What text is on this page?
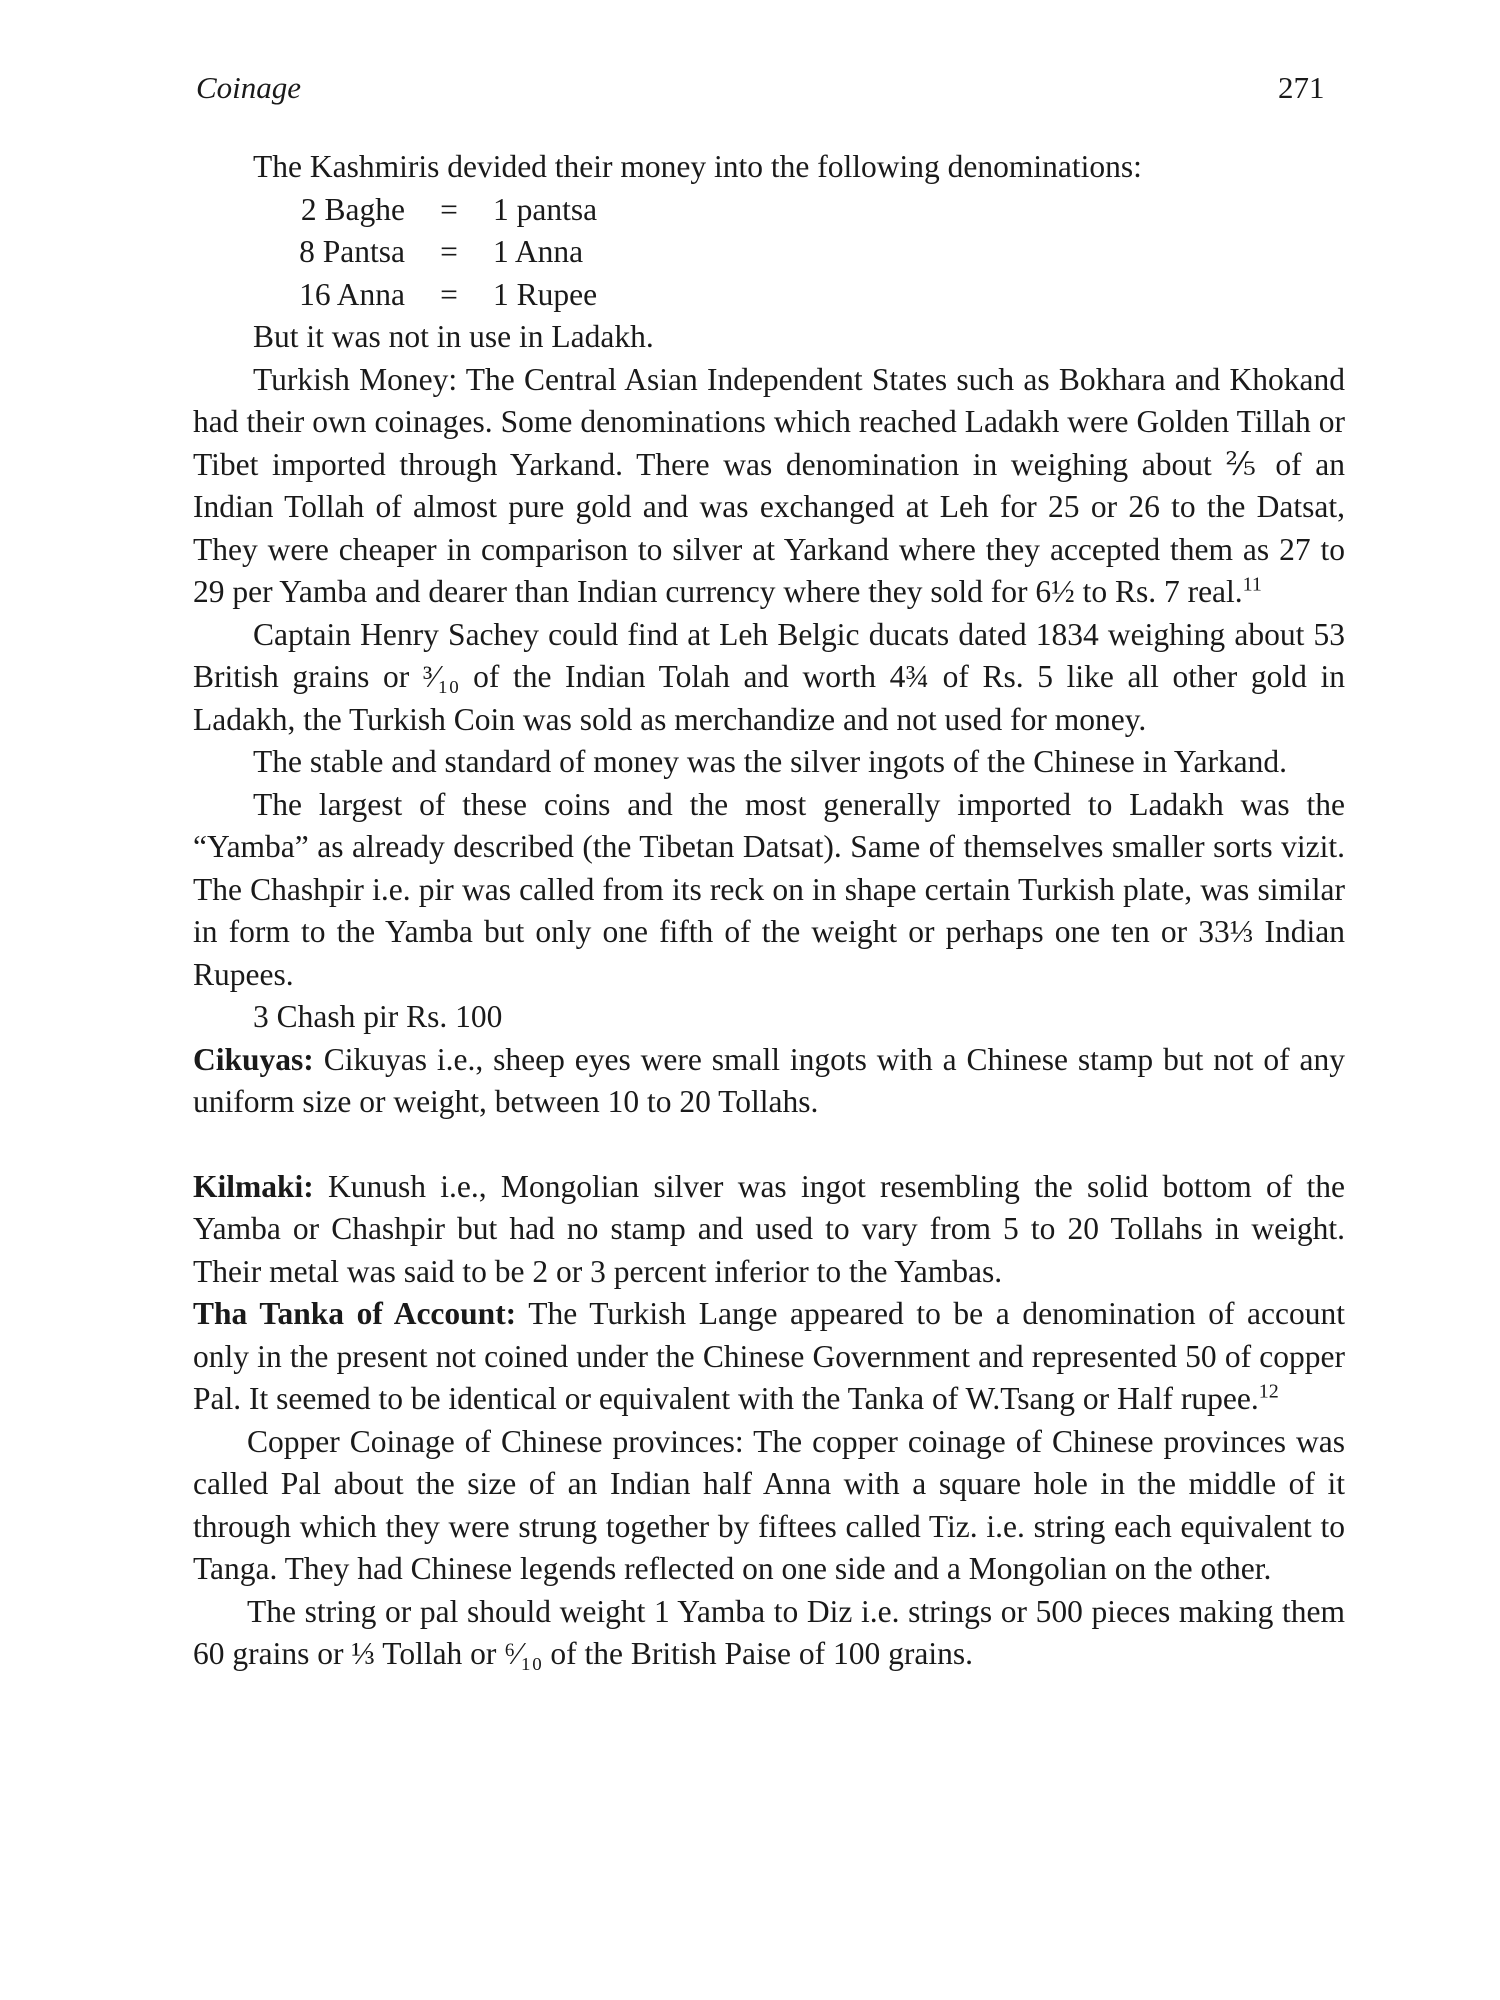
Coinage	271

The Kashmiris devided their money into the following denominations:

2 Baghe	=	1 pantsa
8 Pantsa	=	1 Anna
16 Anna	=	1 Rupee

But it was not in use in Ladakh.

Turkish Money: The Central Asian Independent States such as Bokhara and Khokand had their own coinages. Some denominations which reached Ladakh were Golden Tillah or Tibet imported through Yarkand. There was denomination in weighing about ⅖ of an Indian Tollah of almost pure gold and was exchanged at Leh for 25 or 26 to the Datsat, They were cheaper in comparison to silver at Yarkand where they accepted them as 27 to 29 per Yamba and dearer than Indian currency where they sold for 6½ to Rs. 7 real.$^{11}$

Captain Henry Sachey could find at Leh Belgic ducats dated 1834 weighing about 53 British grains or ³⁄₁₀ of the Indian Tolah and worth 4¾ of Rs. 5 like all other gold in Ladakh, the Turkish Coin was sold as merchandize and not used for money.

The stable and standard of money was the silver ingots of the Chinese in Yarkand.

The largest of these coins and the most generally imported to Ladakh was the “Yamba” as already described (the Tibetan Datsat). Same of themselves smaller sorts vizit. The Chashpir i.e. pir was called from its reck on in shape certain Turkish plate, was similar in form to the Yamba but only one fifth of the weight or perhaps one ten or 33⅓ Indian Rupees.

3 Chash pir Rs. 100

Cikuyas: Cikuyas i.e., sheep eyes were small ingots with a Chinese stamp but not of any uniform size or weight, between 10 to 20 Tollahs.

Kilmaki: Kunush i.e., Mongolian silver was ingot resembling the solid bottom of the Yamba or Chashpir but had no stamp and used to vary from 5 to 20 Tollahs in weight. Their metal was said to be 2 or 3 percent inferior to the Yambas.

Tha Tanka of Account: The Turkish Lange appeared to be a denomination of account only in the present not coined under the Chinese Government and represented 50 of copper Pal. It seemed to be identical or equivalent with the Tanka of W.Tsang or Half rupee.$^{12}$

Copper Coinage of Chinese provinces: The copper coinage of Chinese provinces was called Pal about the size of an Indian half Anna with a square hole in the middle of it through which they were strung together by fiftees called Tiz. i.e. string each equivalent to Tanga. They had Chinese legends reflected on one side and a Mongolian on the other.

The string or pal should weight 1 Yamba to Diz i.e. strings or 500 pieces making them 60 grains or ⅓ Tollah or ⁶⁄₁₀ of the British Paise of 100 grains.
